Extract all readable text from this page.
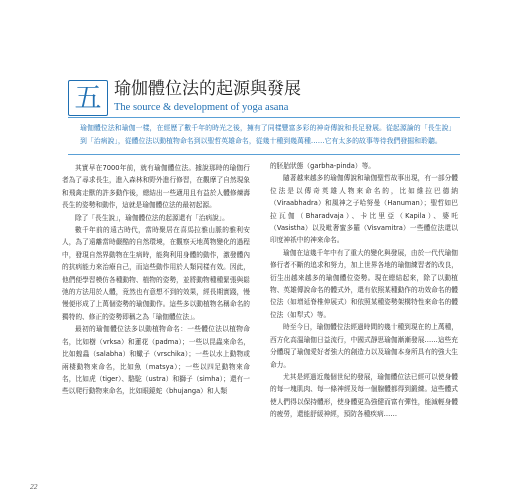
五 瑜伽體位法的起源與發展
The source & development of yoga asana
瑜伽體位法和瑜伽一樣，在經歷了數千年的時光之後，擁有了同樣豐富多彩的神奇傳說和長足發展。從起源論的「長生說」到「治病說」，從體位法以動植物命名到以聖哲英雄命名，從幾十種到幾萬種……它有太多的故事等待我們發掘和聆聽。

其實早在7000年前，就有瑜伽體位法。據說那時的瑜伽行者為了尋求長生，進入森林和野外進行修習，在觀摩了自然現象和飛禽走獸的許多動作後，總結出一些適用且有益於人體修煉壽長生的姿勢和動作，這就是瑜伽體位法的最初起源。

除了「長生說」，瑜伽體位法的起源還有「治病說」。

數千年前的遠古時代，當時聚居在喜馬拉雅山脈的雅利安人，為了遠離當時嚴酷的自然環境，在觀察天地萬物變化的過程中，發現自然界動物在生病時，能夠利用身體的動作，激發體內的抗病能力來治療自己，而這些動作用於人類同樣有效。因此，他們便學習模仿各種動物、植物的姿勢，並將動物種種緊張與鬆弛的方法用於人體，竟然也有意想不到的效果，經長期實踐，慢慢便形成了上萬個姿勢的瑜伽動作。這些多以動植物名稱命名的獨特的、修正的姿勢即稱之為「瑜伽體位法」。

最初的瑜伽體位法多以動植物命名：一些體位法以植物命名，比如樹（vrksa）和蓮花（padma）；一些以昆蟲來命名，比如蝗蟲（salabha）和蠍子（vrschika）；一些以水上動物或兩棲動物來命名，比如魚（matsya）；一些以四足動物來命名，比如虎（tiger）、駱駝（ustra）和獅子（simha）；還有一些以爬行動物來命名，比如眼鏡蛇（bhujanga）和人類

的胚胎狀態（garbha-pinda）等。

隨著越來越多的瑜伽傳說和瑜伽聖哲故事出現，有一部分體位法是以傳奇英雄人物來命名的，比如維拉巴德納（Viraabhadra）和風神之子哈努曼（Hanuman）；聖哲如巴拉瓦伽（Bharadvaja）、卡比里亞（Kapila）、婆吒（Vasistha）以及毗奢蜜多羅（Visvamitra）一些體位法還以印度神祇中的神來命名。

瑜伽在這幾千年中有了重大的變化與發展，由於一代代瑜伽修行者不斷的追求和努力，加上世界各地的瑜伽練習者的改良，衍生出越來越多的瑜伽體位姿勢。現在總結起來，除了以動植物、英雄傳說命名的體式外，還有依照某種動作的功效命名的體位法（如增延脊椎伸展式）和依照某種姿勢架構特性來命名的體位法（如犁式）等。

時至今日，瑜伽體位法經過時間的幾十種到現在的上萬種，西方化高溫瑜伽日益流行，中國式靜思瑜伽漸漸發展……這些充分體現了瑜伽愛好者強大的創造力以及瑜伽本身所具有的強大生命力。

尤其是經過近幾個世紀的發展，瑜伽體位法已經可以使身體的每一塊肌肉、每一條神經及每一個腺體都得到鍛練。這些體式使人們得以保持體形，使身體更為強健而富有彈性，能減輕身體的疲勞，還能舒緩神經，預防各種疾病……

22
